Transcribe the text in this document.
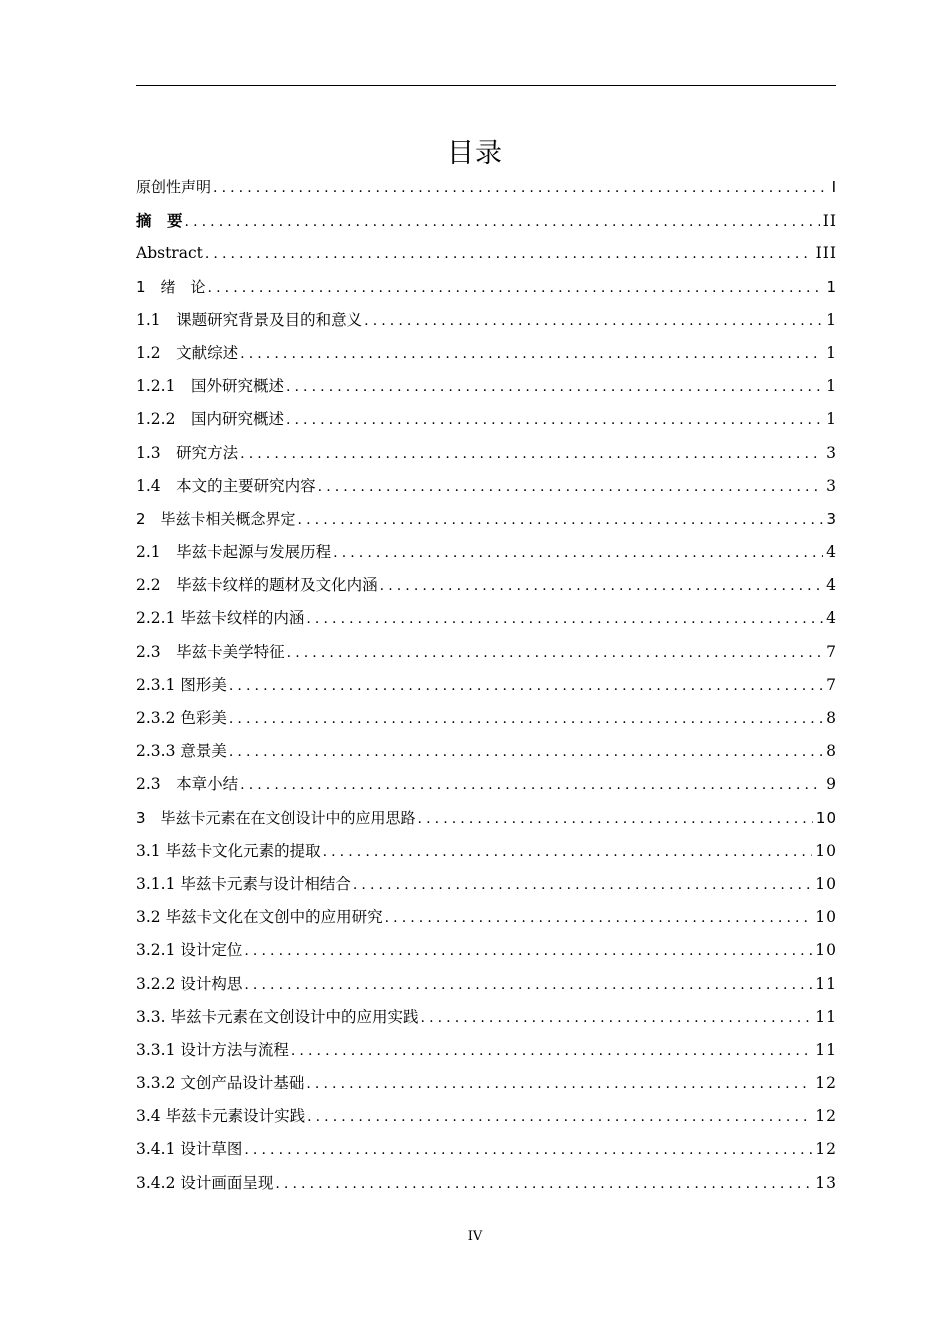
目录
原创性声明 .....	I
摘　要 .....	II
Abstract .....	III
1　绪　论 .....	1
1.1　课题研究背景及目的和意义 .....	1
1.2　文献综述 .....	1
1.2.1　国外研究概述 .....	1
1.2.2　国内研究概述 .....	1
1.3　研究方法 .....	3
1.4　本文的主要研究内容 .....	3
2　毕兹卡相关概念界定 .....	3
2.1　毕兹卡起源与发展历程 .....	4
2.2　毕兹卡纹样的题材及文化内涵 .....	4
2.2.1 毕兹卡纹样的内涵 .....	4
2.3　毕兹卡美学特征 .....	7
2.3.1 图形美 .....	7
2.3.2 色彩美 .....	8
2.3.3 意景美 .....	8
2.3　本章小结 .....	9
3　毕兹卡元素在在文创设计中的应用思路 .....	10
3.1 毕兹卡文化元素的提取 .....	10
3.1.1 毕兹卡元素与设计相结合 .....	10
3.2 毕兹卡文化在文创中的应用研究 .....	10
3.2.1 设计定位 .....	10
3.2.2 设计构思 .....	11
3.3. 毕兹卡元素在文创设计中的应用实践 .....	11
3.3.1 设计方法与流程 .....	11
3.3.2 文创产品设计基础 .....	12
3.4 毕兹卡元素设计实践 .....	12
3.4.1 设计草图 .....	12
3.4.2 设计画面呈现 .....	13
IV
